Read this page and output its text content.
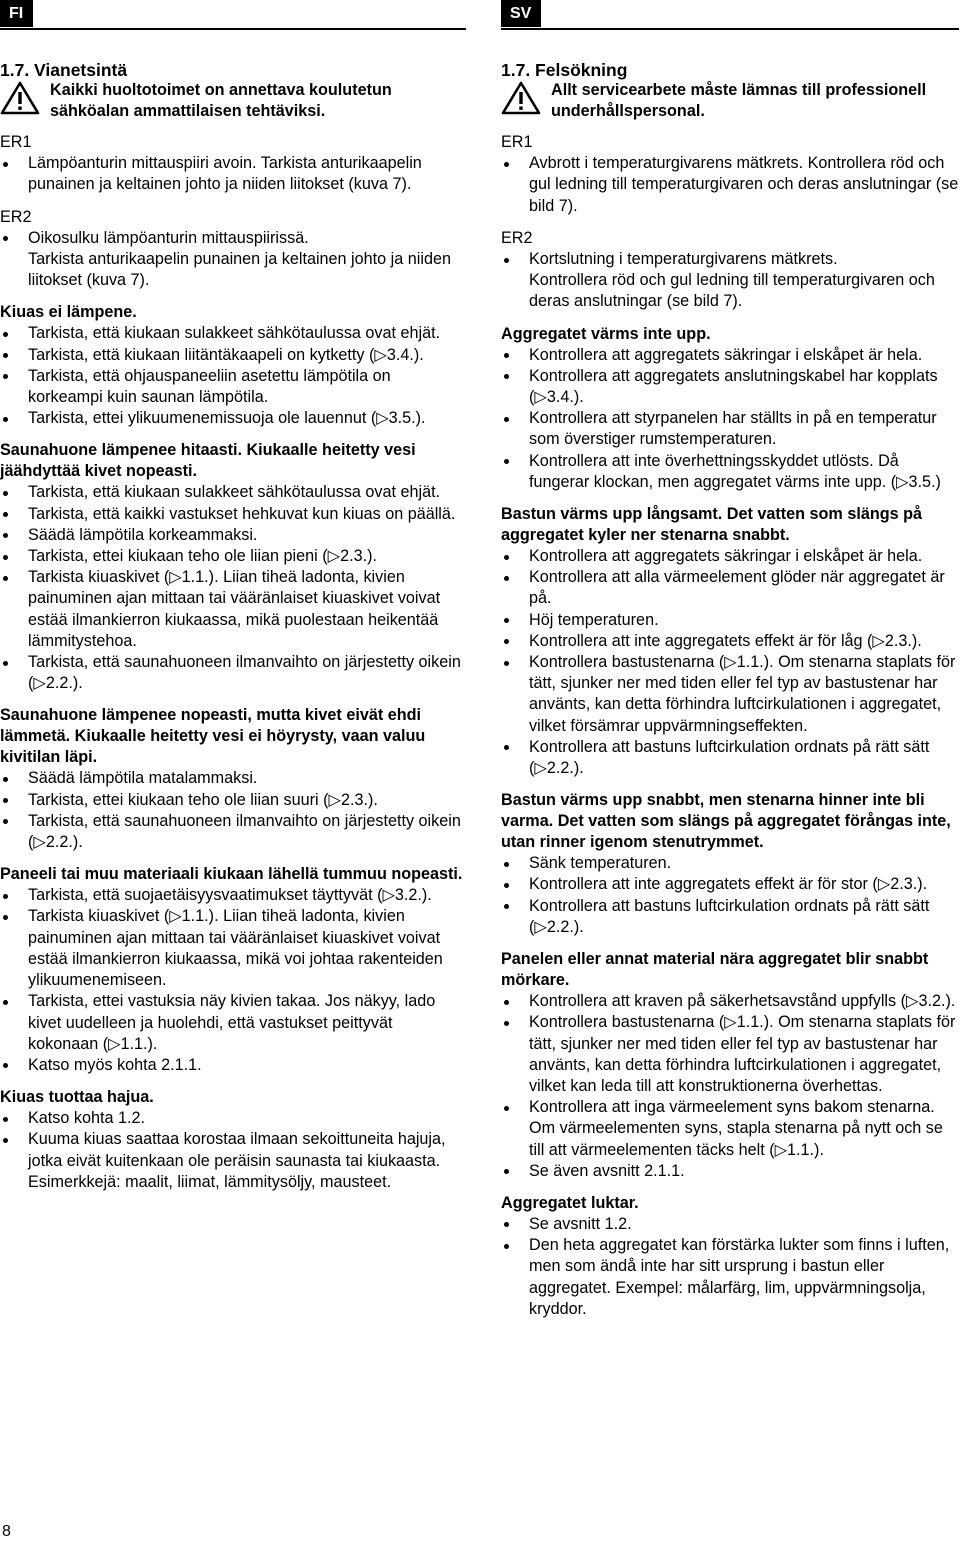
FI
1.7. Vianetsintä
Kaikki huoltotoimet on annettava koulutetun sähköalan ammattilaisen tehtäviksi.
ER1
Lämpöanturin mittauspiiri avoin. Tarkista anturikaapelin punainen ja keltainen johto ja niiden liitokset (kuva 7).
ER2
Oikosulku lämpöanturin mittauspiirissä.
Tarkista anturikaapelin punainen ja keltainen johto ja niiden liitokset (kuva 7).
Kiuas ei lämpene.
Tarkista, että kiukaan sulakkeet sähkötaulussa ovat ehjät.
Tarkista, että kiukaan liitäntäkaapeli on kytketty (▷3.4.).
Tarkista, että ohjauspaneeliin asetettu lämpötila on korkeampi kuin saunan lämpötila.
Tarkista, ettei ylikuumenemissuoja ole lauennut (▷3.5.).
Saunahuone lämpenee hitaasti. Kiukaalle heitetty vesi jäähdyttää kivet nopeasti.
Tarkista, että kiukaan sulakkeet sähkötaulussa ovat ehjät.
Tarkista, että kaikki vastukset hehkuvat kun kiuas on päällä.
Säädä lämpötila korkeammaksi.
Tarkista, ettei kiukaan teho ole liian pieni (▷2.3.).
Tarkista kiuaskivet (▷1.1.). Liian tiheä ladonta, kivien painuminen ajan mittaan tai vääränlaiset kiuaskivet voivat estää ilmankierron kiukaassa, mikä puolestaan heikentää lämmitystehoa.
Tarkista, että saunahuoneen ilmanvaihto on järjestetty oikein (▷2.2.).
Saunahuone lämpenee nopeasti, mutta kivet eivät ehdi lämmetä. Kiukaalle heitetty vesi ei höyrysty, vaan valuu kivitilan läpi.
Säädä lämpötila matalammaksi.
Tarkista, ettei kiukaan teho ole liian suuri (▷2.3.).
Tarkista, että saunahuoneen ilmanvaihto on järjestetty oikein (▷2.2.).
Paneeli tai muu materiaali kiukaan lähellä tummuu nopeasti.
Tarkista, että suojaetäisyysvaatimukset täyttyvät (▷3.2.).
Tarkista kiuaskivet (▷1.1.). Liian tiheä ladonta, kivien painuminen ajan mittaan tai vääränlaiset kiuaskivet voivat estää ilmankierron kiukaassa, mikä voi johtaa rakenteiden ylikuumenemiseen.
Tarkista, ettei vastuksia näy kivien takaa. Jos näkyy, lado kivet uudelleen ja huolehdi, että vastukset peittyvät kokonaan (▷1.1.).
Katso myös kohta 2.1.1.
Kiuas tuottaa hajua.
Katso kohta 1.2.
Kuuma kiuas saattaa korostaa ilmaan sekoittuneita hajuja, jotka eivät kuitenkaan ole peräisin saunasta tai kiukaasta. Esimerkkejä: maalit, liimat, lämmitysöljy, mausteet.
SV
1.7. Felsökning
Allt servicearbete måste lämnas till professionell underhållspersonal.
ER1
Avbrott i temperaturgivarens mätkrets. Kontrollera röd och gul ledning till temperaturgivaren och deras anslutningar (se bild 7).
ER2
Kortslutning i temperaturgivarens mätkrets.
Kontrollera röd och gul ledning till temperaturgivaren och deras anslutningar (se bild 7).
Aggregatet värms inte upp.
Kontrollera att aggregatets säkringar i elskåpet är hela.
Kontrollera att aggregatets anslutningskabel har kopplats (▷3.4.).
Kontrollera att styrpanelen har ställts in på en temperatur som överstiger rumstemperaturen.
Kontrollera att inte överhettningsskyddet utlösts. Då fungerar klockan, men aggregatet värms inte upp. (▷3.5.)
Bastun värms upp långsamt. Det vatten som slängs på aggregatet kyler ner stenarna snabbt.
Kontrollera att aggregatets säkringar i elskåpet är hela.
Kontrollera att alla värmeelement glöder när aggregatet är på.
Höj temperaturen.
Kontrollera att inte aggregatets effekt är för låg (▷2.3.).
Kontrollera bastustenarna (▷1.1.). Om stenarna staplats för tätt, sjunker ner med tiden eller fel typ av bastustenar har använts, kan detta förhindra luftcirkulationen i aggregatet, vilket försämrar uppvärmningseffekten.
Kontrollera att bastuns luftcirkulation ordnats på rätt sätt (▷2.2.).
Bastun värms upp snabbt, men stenarna hinner inte bli varma. Det vatten som slängs på aggregatet förångas inte, utan rinner igenom stenutrymmet.
Sänk temperaturen.
Kontrollera att inte aggregatets effekt är för stor (▷2.3.).
Kontrollera att bastuns luftcirkulation ordnats på rätt sätt (▷2.2.).
Panelen eller annat material nära aggregatet blir snabbt mörkare.
Kontrollera att kraven på säkerhetsavstånd uppfylls (▷3.2.).
Kontrollera bastustenarna (▷1.1.). Om stenarna staplats för tätt, sjunker ner med tiden eller fel typ av bastustenar har använts, kan detta förhindra luftcirkulationen i aggregatet, vilket kan leda till att konstruktionerna överhettas.
Kontrollera att inga värmeelement syns bakom stenarna. Om värmeelementen syns, stapla stenarna på nytt och se till att värmeelementen täcks helt (▷1.1.).
Se även avsnitt 2.1.1.
Aggregatet luktar.
Se avsnitt 1.2.
Den heta aggregatet kan förstärka lukter som finns i luften, men som ändå inte har sitt ursprung i bastun eller aggregatet. Exempel: målarfärg, lim, uppvärmningsolja, kryddor.
8
